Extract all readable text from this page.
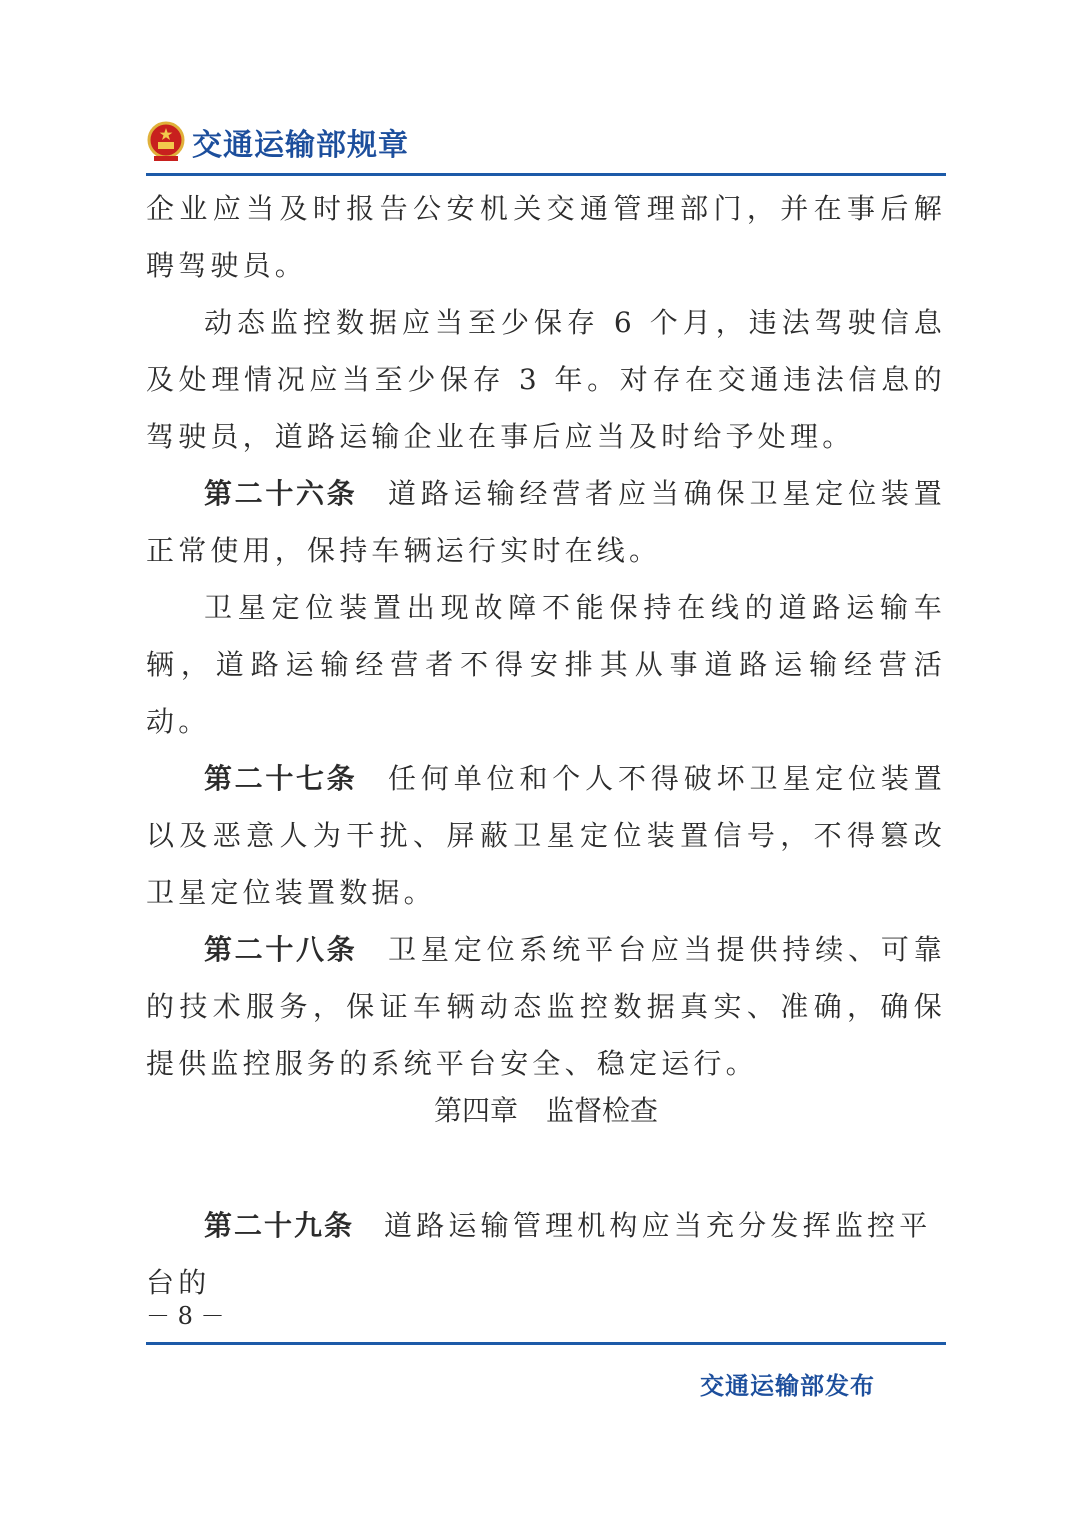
交通运输部规章

企业应当及时报告公安机关交通管理部门，并在事后解聘驾驶员。

动态监控数据应当至少保存 6 个月，违法驾驶信息及处理情况应当至少保存 3 年。对存在交通违法信息的驾驶员，道路运输企业在事后应当及时给予处理。

第二十六条 道路运输经营者应当确保卫星定位装置正常使用，保持车辆运行实时在线。

卫星定位装置出现故障不能保持在线的道路运输车辆，道路运输经营者不得安排其从事道路运输经营活动。

第二十七条 任何单位和个人不得破坏卫星定位装置以及恶意人为干扰、屏蔽卫星定位装置信号，不得篡改卫星定位装置数据。

第二十八条 卫星定位系统平台应当提供持续、可靠的技术服务，保证车辆动态监控数据真实、准确，确保提供监控服务的系统平台安全、稳定运行。

第四章 监督检查
第二十九条 道路运输管理机构应当充分发挥监控平台的
－ 8 －
交通运输部发布
